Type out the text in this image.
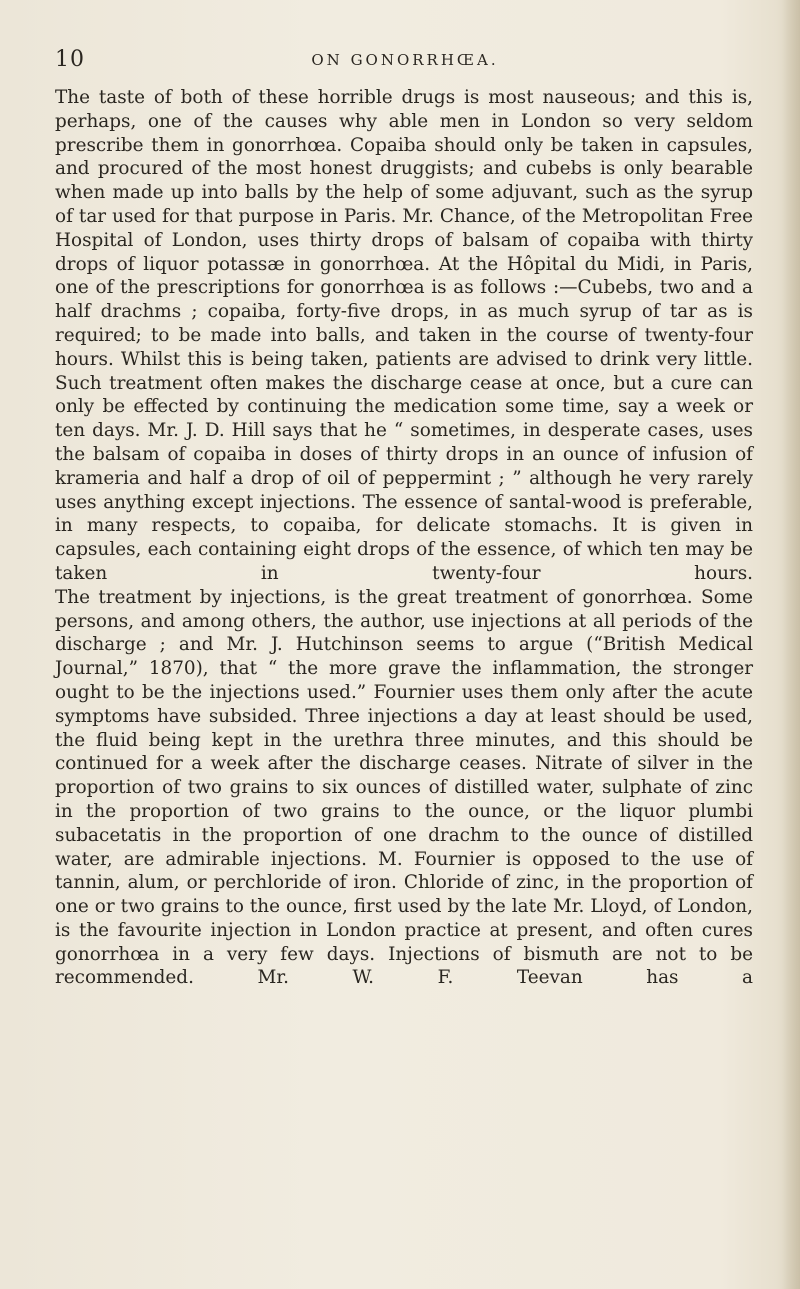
10	ON GONORRHŒA.

The taste of both of these horrible drugs is most nauseous; and this is, perhaps, one of the causes why able men in London so very seldom prescribe them in gonorrhœa. Copaiba should only be taken in capsules, and procured of the most honest druggists; and cubebs is only bearable when made up into balls by the help of some adjuvant, such as the syrup of tar used for that purpose in Paris. Mr. Chance, of the Metropolitan Free Hospital of London, uses thirty drops of balsam of copaiba with thirty drops of liquor potassæ in gonorrhœa. At the Hôpital du Midi, in Paris, one of the prescriptions for gonorrhœa is as follows :—Cubebs, two and a half drachms ; copaiba, forty-five drops, in as much syrup of tar as is required; to be made into balls, and taken in the course of twenty-four hours. Whilst this is being taken, patients are advised to drink very little. Such treatment often makes the discharge cease at once, but a cure can only be effected by continuing the medication some time, say a week or ten days. Mr. J. D. Hill says that he “ sometimes, in desperate cases, uses the balsam of copaiba in doses of thirty drops in an ounce of infusion of krameria and half a drop of oil of peppermint ; ” although he very rarely uses anything except injections. The essence of santal-wood is preferable, in many respects, to copaiba, for delicate stomachs. It is given in capsules, each containing eight drops of the essence, of which ten may be taken in twenty-four hours.

The treatment by injections, is the great treatment of gonorrhœa. Some persons, and among others, the author, use injections at all periods of the discharge ; and Mr. J. Hutchinson seems to argue (“British Medical Journal,” 1870), that “ the more grave the inflammation, the stronger ought to be the injections used.” Fournier uses them only after the acute symptoms have subsided. Three injections a day at least should be used, the fluid being kept in the urethra three minutes, and this should be continued for a week after the discharge ceases. Nitrate of silver in the proportion of two grains to six ounces of distilled water, sulphate of zinc in the proportion of two grains to the ounce, or the liquor plumbi subacetatis in the proportion of one drachm to the ounce of distilled water, are admirable injections. M. Fournier is opposed to the use of tannin, alum, or perchloride of iron. Chloride of zinc, in the proportion of one or two grains to the ounce, first used by the late Mr. Lloyd, of London, is the favourite injection in London practice at present, and often cures gonorrhœa in a very few days. Injections of bismuth are not to be recommended. Mr. W. F. Teevan has a
